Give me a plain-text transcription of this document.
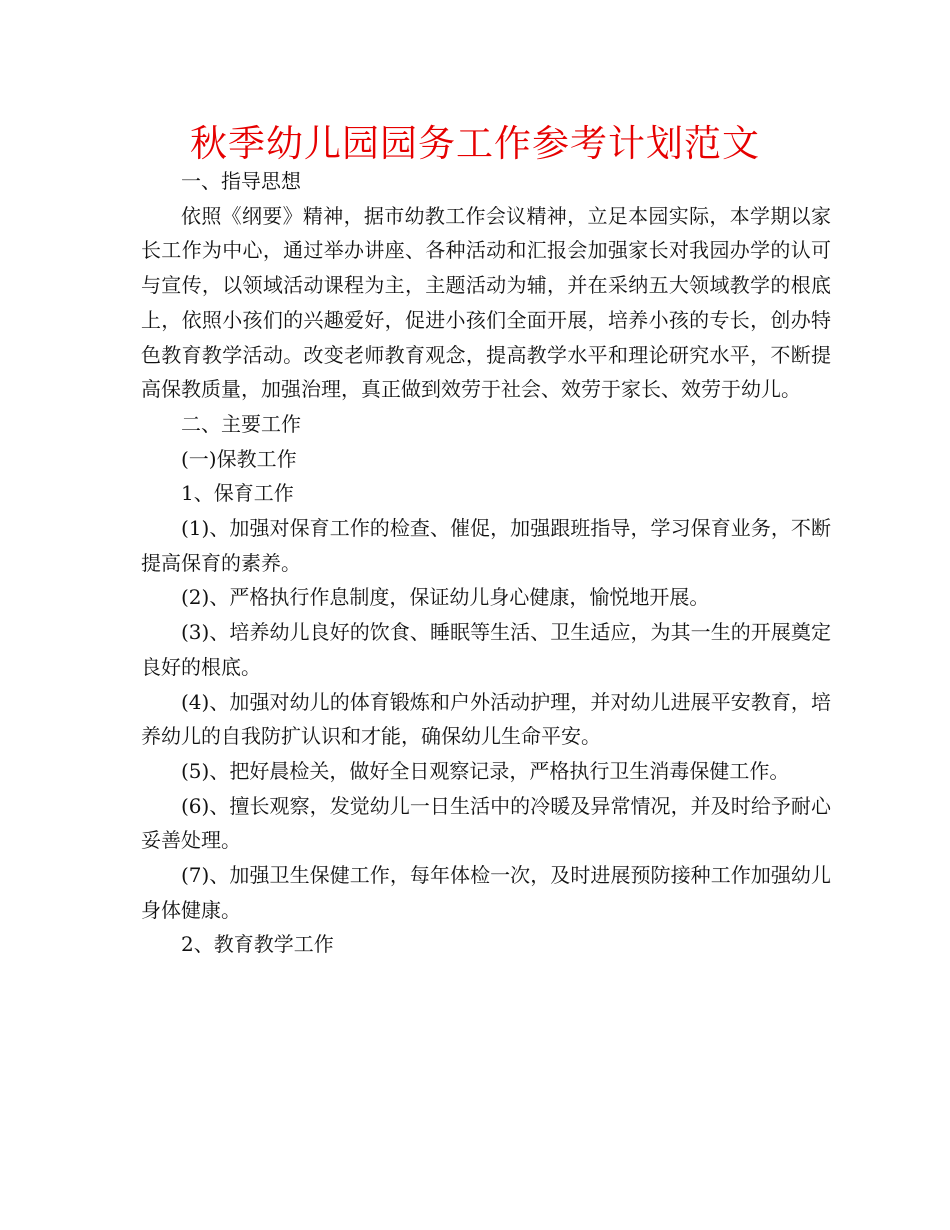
秋季幼儿园园务工作参考计划范文

一、指导思想

依照《纲要》精神，据市幼教工作会议精神，立足本园实际，本学期以家长工作为中心，通过举办讲座、各种活动和汇报会加强家长对我园办学的认可与宣传，以领域活动课程为主，主题活动为辅，并在采纳五大领域教学的根底上，依照小孩们的兴趣爱好，促进小孩们全面开展，培养小孩的专长，创办特色教育教学活动。改变老师教育观念，提高教学水平和理论研究水平，不断提高保教质量，加强治理，真正做到效劳于社会、效劳于家长、效劳于幼儿。

二、主要工作

(一)保教工作

1、保育工作

(1)、加强对保育工作的检查、催促，加强跟班指导，学习保育业务，不断提高保育的素养。

(2)、严格执行作息制度，保证幼儿身心健康，愉悦地开展。

(3)、培养幼儿良好的饮食、睡眠等生活、卫生适应，为其一生的开展奠定良好的根底。

(4)、加强对幼儿的体育锻炼和户外活动护理，并对幼儿进展平安教育，培养幼儿的自我防扩认识和才能，确保幼儿生命平安。

(5)、把好晨检关，做好全日观察记录，严格执行卫生消毒保健工作。

(6)、擅长观察，发觉幼儿一日生活中的冷暖及异常情况，并及时给予耐心妥善处理。

(7)、加强卫生保健工作，每年体检一次，及时进展预防接种工作加强幼儿身体健康。

2、教育教学工作
